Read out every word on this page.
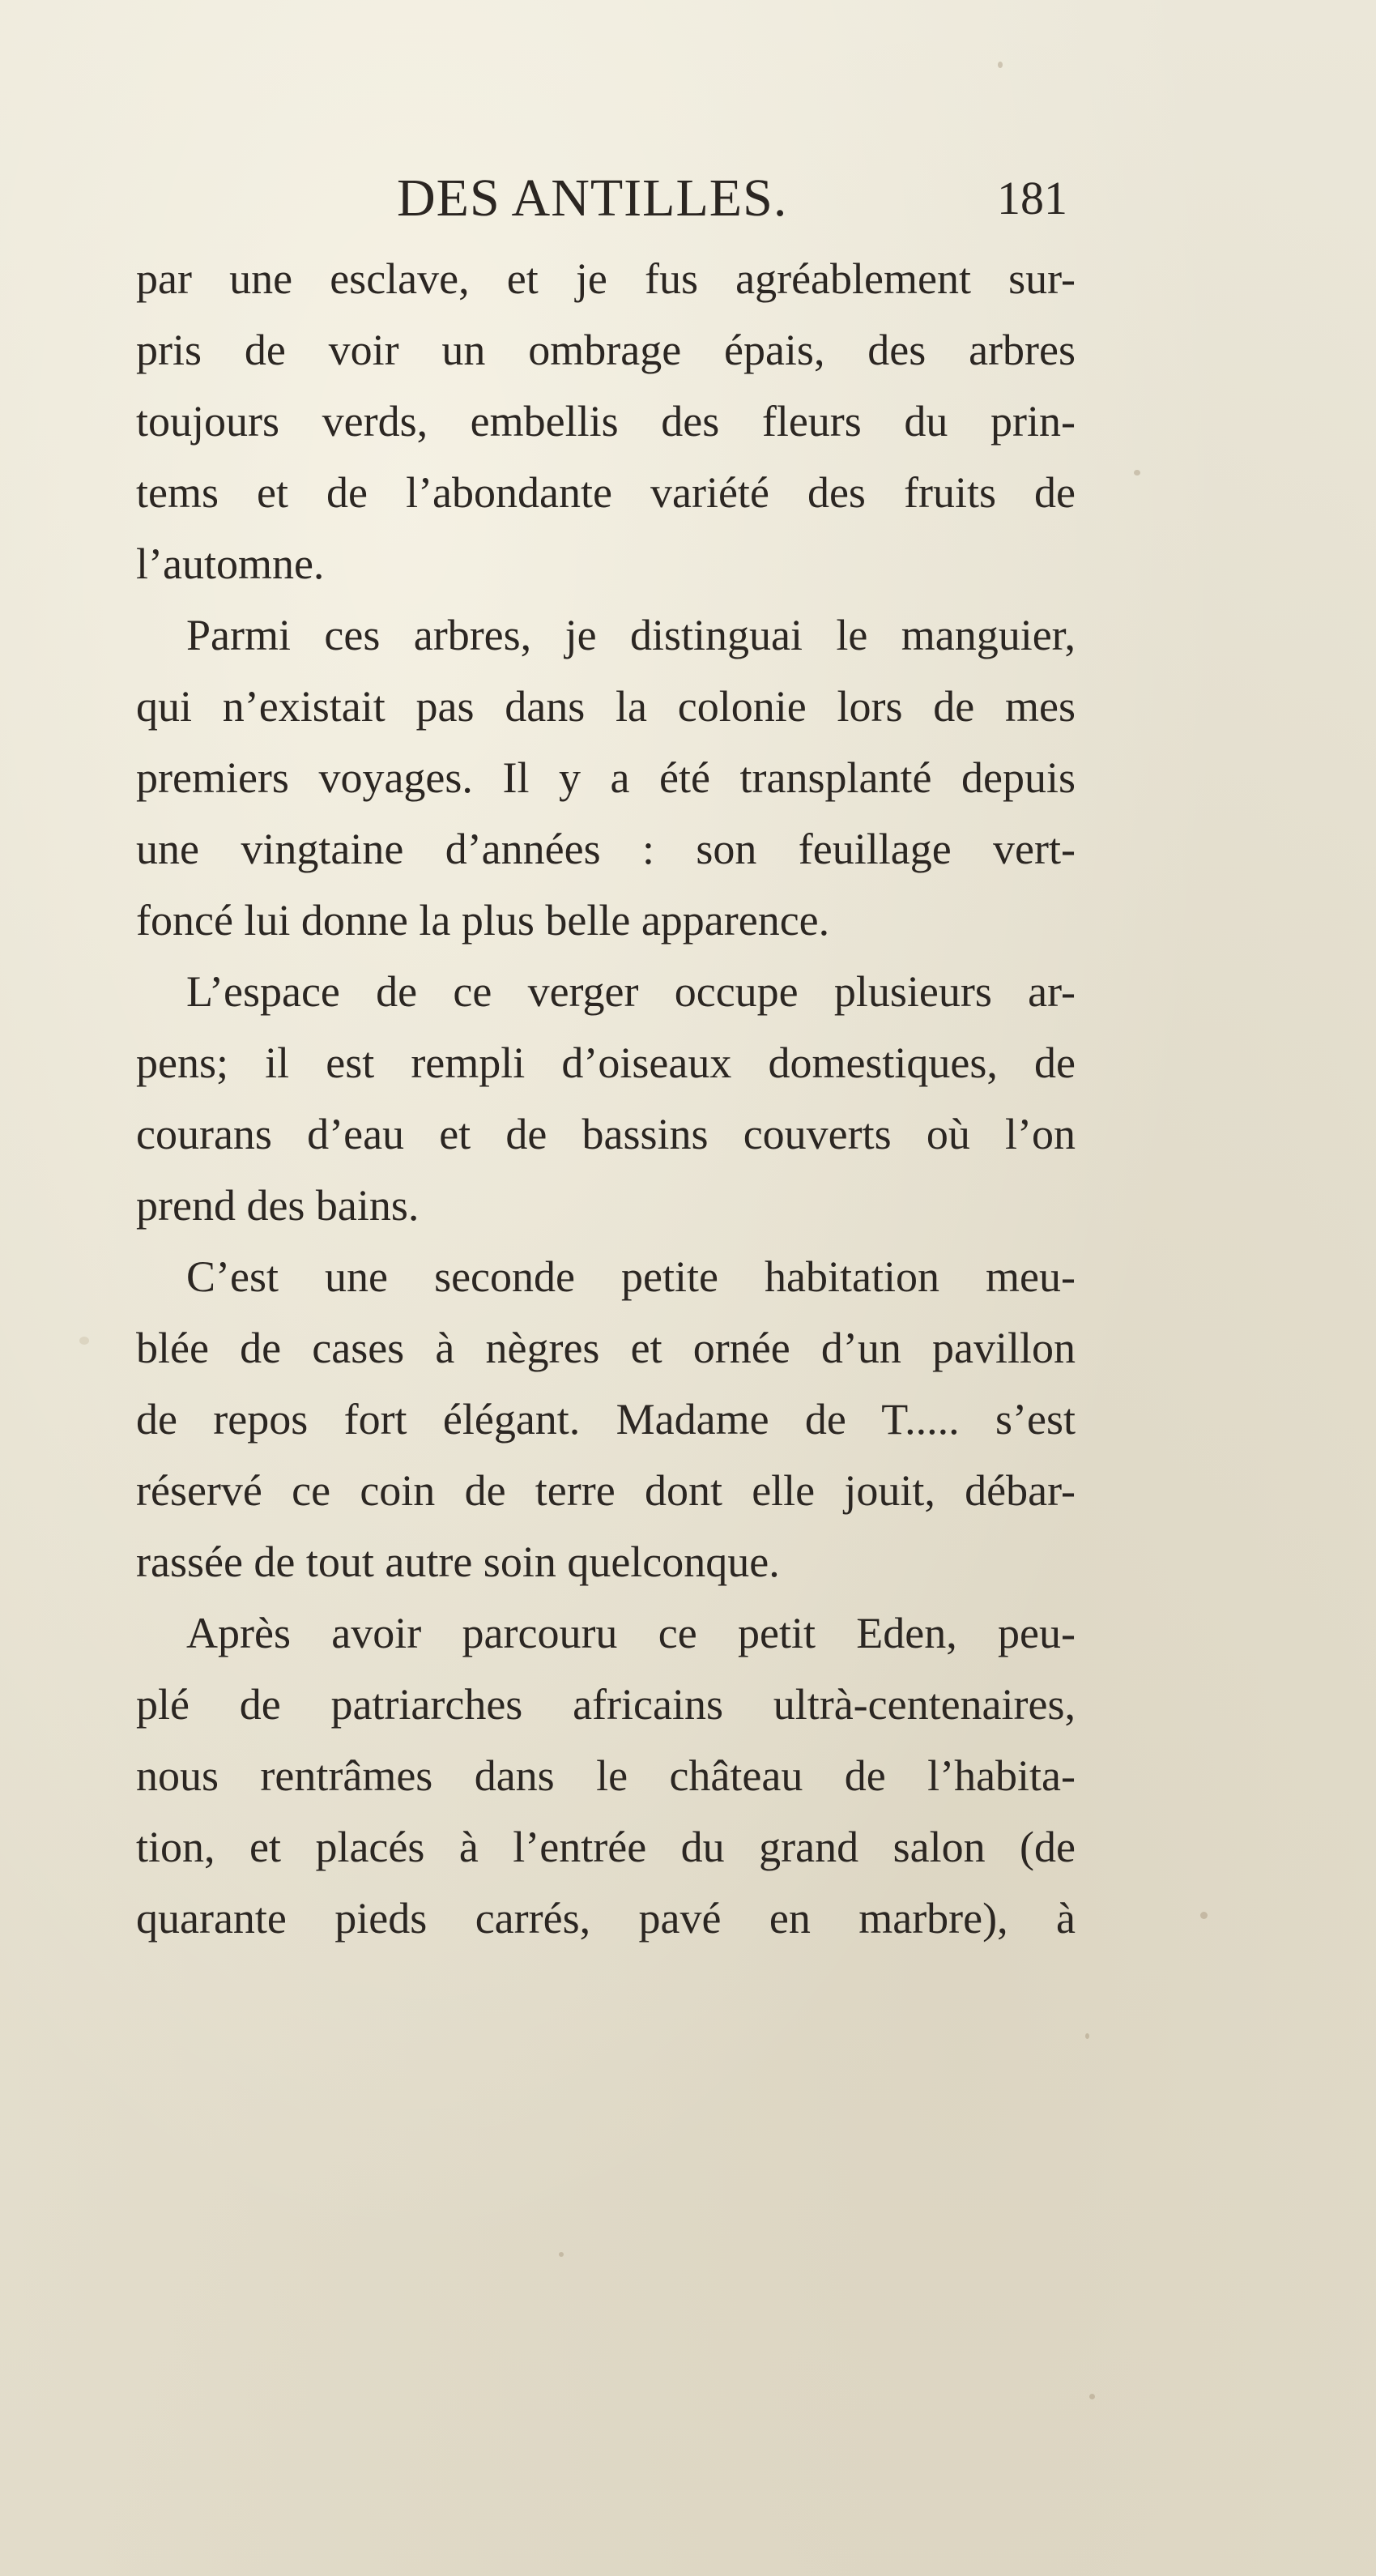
DES ANTILLES.	181
par une esclave, et je fus agréablement sur-
pris de voir un ombrage épais, des arbres
toujours verds, embellis des fleurs du prin-
tems et de l’abondante variété des fruits de
l’automne.
Parmi ces arbres, je distinguai le manguier,
qui n’existait pas dans la colonie lors de mes
premiers voyages. Il y a été transplanté depuis
une vingtaine d’années : son feuillage vert-
foncé lui donne la plus belle apparence.
L’espace de ce verger occupe plusieurs ar-
pens; il est rempli d’oiseaux domestiques, de
courans d’eau et de bassins couverts où l’on
prend des bains.
C’est une seconde petite habitation meu-
blée de cases à nègres et ornée d’un pavillon
de repos fort élégant. Madame de T..... s’est
réservé ce coin de terre dont elle jouit, débar-
rassée de tout autre soin quelconque.
Après avoir parcouru ce petit Eden, peu-
plé de patriarches africains ultrà-centenaires,
nous rentrâmes dans le château de l’habita-
tion, et placés à l’entrée du grand salon (de
quarante pieds carrés, pavé en marbre), à
